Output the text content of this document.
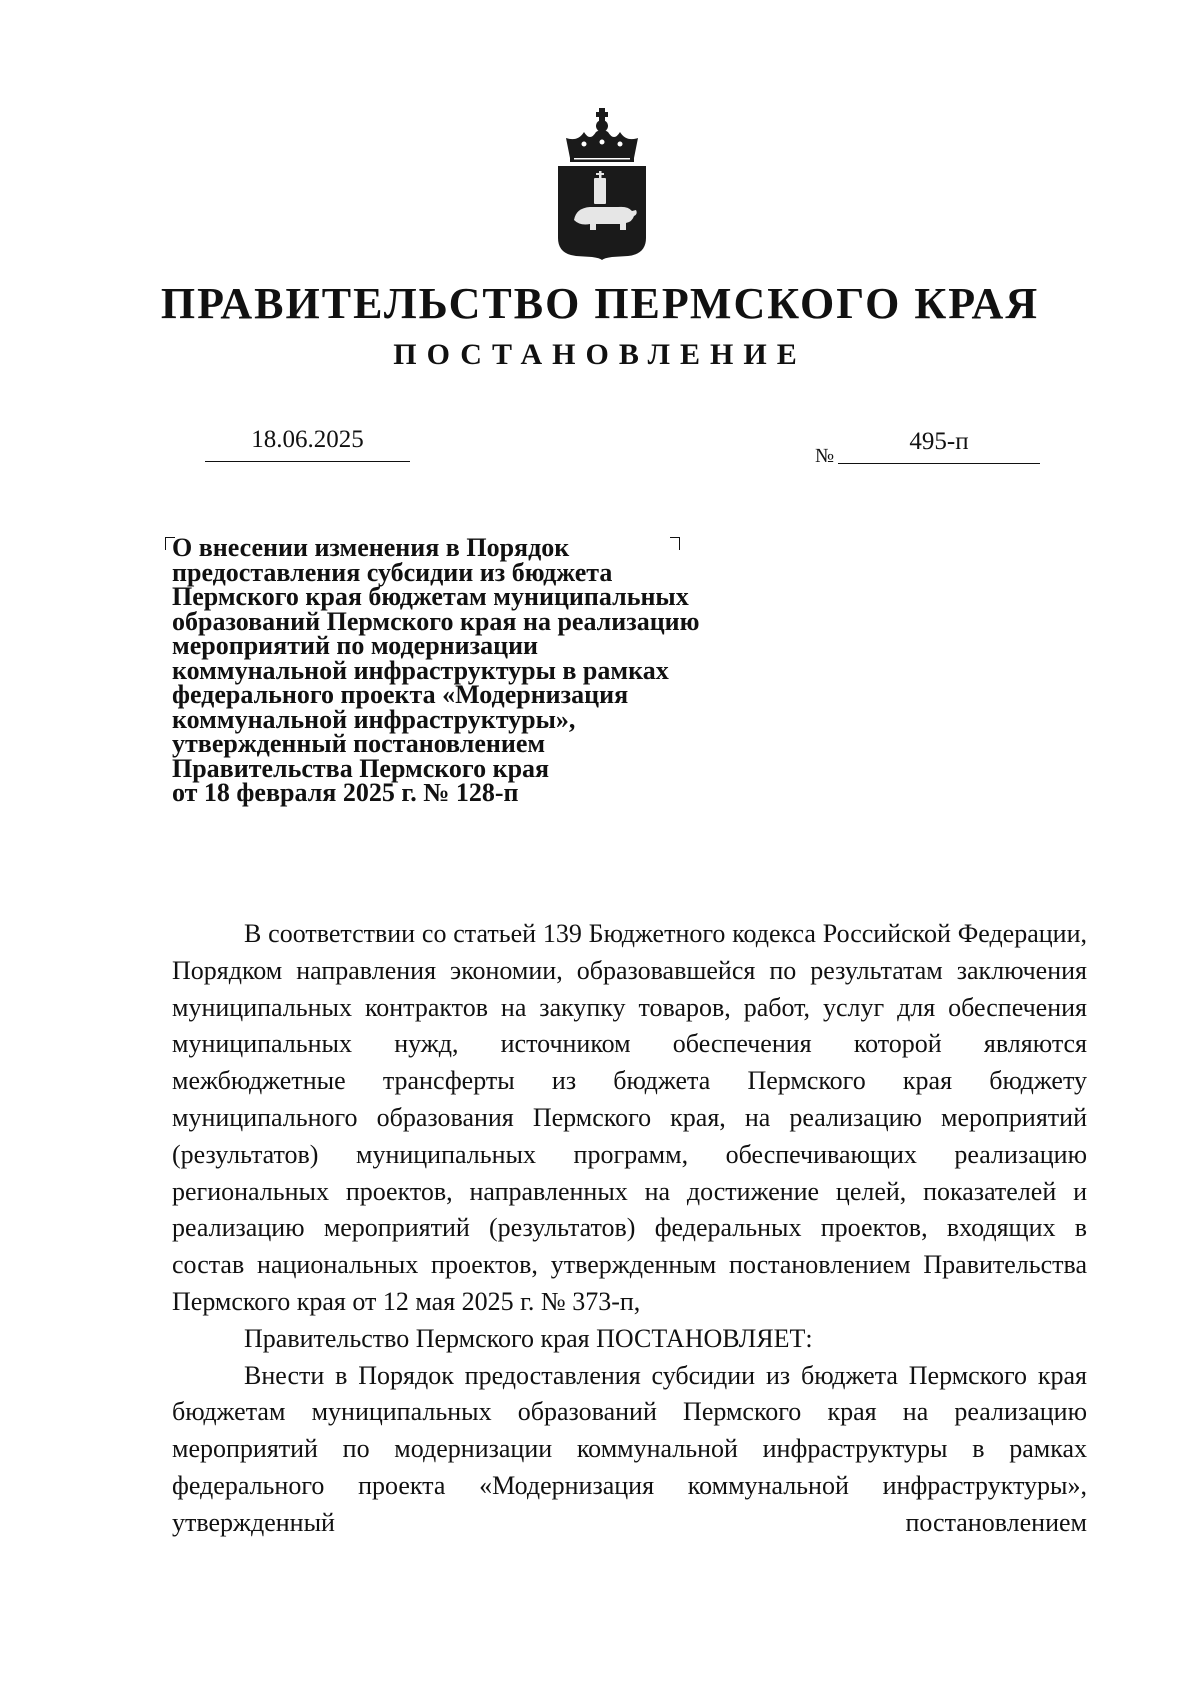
ПРАВИТЕЛЬСТВО ПЕРМСКОГО КРАЯ
ПОСТАНОВЛЕНИЕ
18.06.2025
№
495-п
О внесении изменения в Порядок
предоставления субсидии из бюджета
Пермского края бюджетам муниципальных
образований Пермского края на реализацию
мероприятий по модернизации
коммунальной инфраструктуры в рамках
федерального проекта «Модернизация
коммунальной инфраструктуры»,
утвержденный постановлением
Правительства Пермского края
от 18 февраля 2025 г. № 128-п

В соответствии со статьей 139 Бюджетного кодекса Российской Федерации, Порядком направления экономии, образовавшейся по результатам заключения муниципальных контрактов на закупку товаров, работ, услуг для обеспечения муниципальных нужд, источником обеспечения которой являются межбюджетные трансферты из бюджета Пермского края бюджету муниципального образования Пермского края, на реализацию мероприятий (результатов) муниципальных программ, обеспечивающих реализацию региональных проектов, направленных на достижение целей, показателей и реализацию мероприятий (результатов) федеральных проектов, входящих в состав национальных проектов, утвержденным постановлением Правительства Пермского края от 12 мая 2025 г. № 373-п,

Правительство Пермского края ПОСТАНОВЛЯЕТ:

Внести в Порядок предоставления субсидии из бюджета Пермского края бюджетам муниципальных образований Пермского края на реализацию мероприятий по модернизации коммунальной инфраструктуры в рамках федерального проекта «Модернизация коммунальной инфраструктуры», утвержденный постановлением
